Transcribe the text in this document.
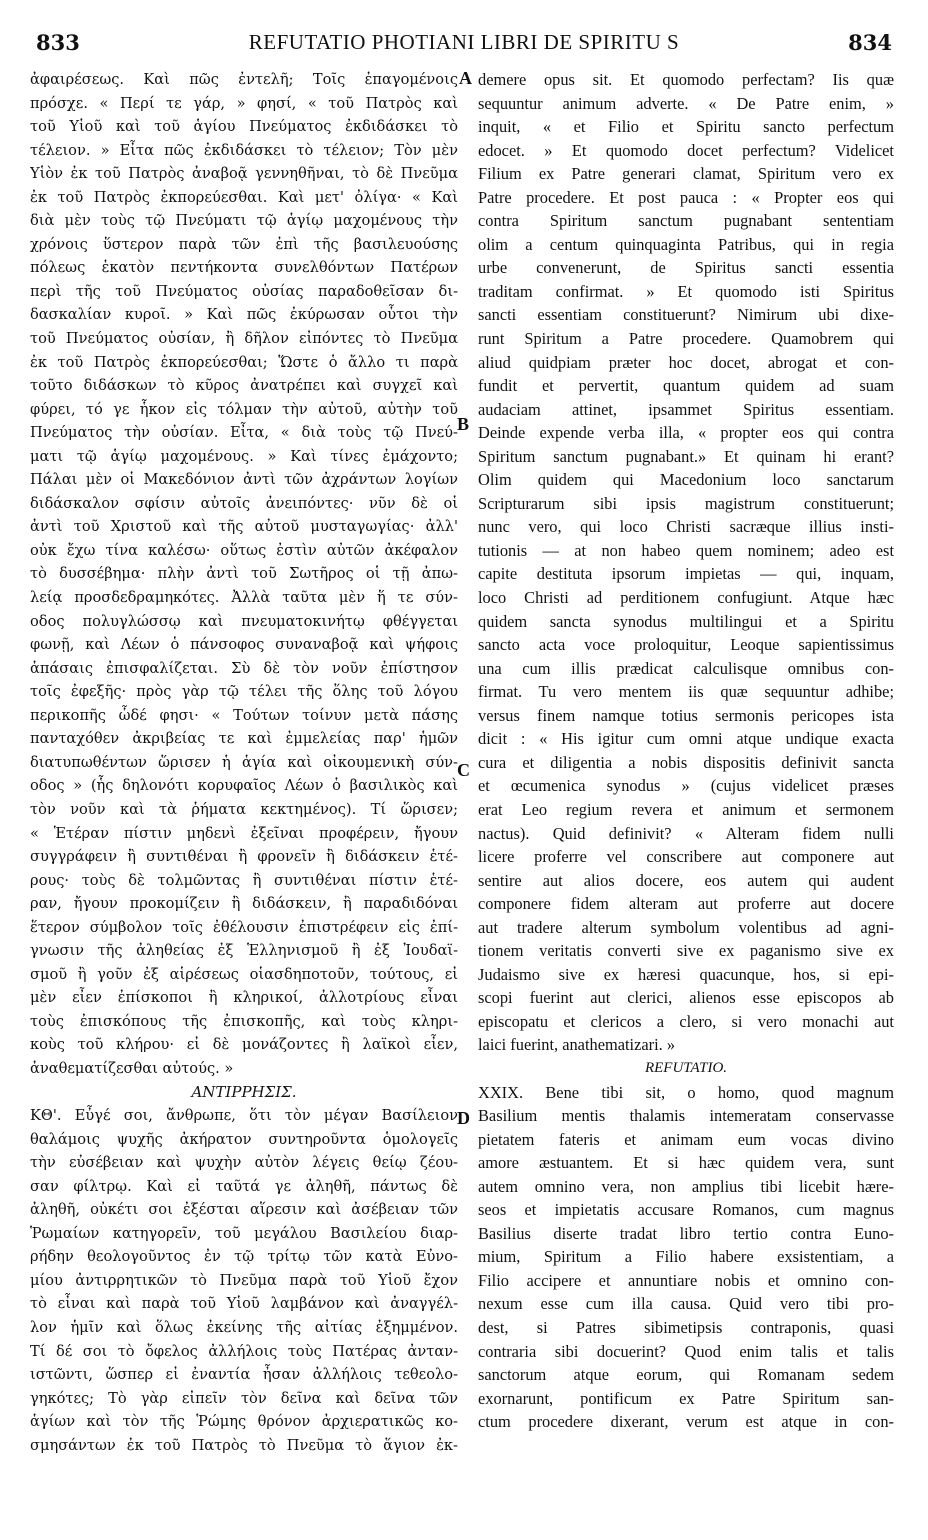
833	REFUTATIO PHOTIANI LIBRI DE SPIRITU S	834
ἀφαιρέσεως. Καὶ πῶς ἐντελῆ; Τοῖς ἐπαγομένοις
πρόσχε. « Περί τε γάρ, » φησί, « τοῦ Πατρὸς καὶ
τοῦ Υἱοῦ καὶ τοῦ ἁγίου Πνεύματος ἐκδιδάσκει τὸ
τέλειον. » Εἶτα πῶς ἐκδιδάσκει τὸ τέλειον; Τὸν μὲν
Υἱὸν ἐκ τοῦ Πατρὸς ἀναβοᾷ γεννηθῆναι, τὸ δὲ Πνεῦμα
ἐκ τοῦ Πατρὸς ἐκπορεύεσθαι. Καὶ μετ' ὀλίγα· « Καὶ
διὰ μὲν τοὺς τῷ Πνεύματι τῷ ἁγίῳ μαχομένους τὴν
χρόνοις ὕστερον παρὰ τῶν ἐπὶ τῆς βασιλευούσης
πόλεως ἑκατὸν πεντήκοντα συνελθόντων Πατέρων
περὶ τῆς τοῦ Πνεύματος οὐσίας παραδοθεῖσαν δι-
δασκαλίαν κυροῖ. » Καὶ πῶς ἐκύρωσαν οὗτοι τὴν
τοῦ Πνεύματος οὐσίαν, ἢ δῆλον εἰπόντες τὸ Πνεῦμα
ἐκ τοῦ Πατρὸς ἐκπορεύεσθαι; Ὥστε ὁ ἄλλο τι παρὰ
τοῦτο διδάσκων τὸ κῦρος ἀνατρέπει καὶ συγχεῖ καὶ
φύρει, τό γε ἧκον εἰς τόλμαν τὴν αὐτοῦ, αὐτὴν τοῦ
Πνεύματος τὴν οὐσίαν. Εἶτα, « διὰ τοὺς τῷ Πνεύ-
ματι τῷ ἁγίῳ μαχομένους. » Καὶ τίνες ἐμάχοντο;
Πάλαι μὲν οἱ Μακεδόνιον ἀντὶ τῶν ἀχράντων λογίων
διδάσκαλον σφίσιν αὐτοῖς ἀνειπόντες· νῦν δὲ οἱ
ἀντὶ τοῦ Χριστοῦ καὶ τῆς αὐτοῦ μυσταγωγίας· ἀλλ'
οὐκ ἔχω τίνα καλέσω· οὕτως ἐστὶν αὐτῶν ἀκέφαλον
τὸ δυσσέβημα· πλὴν ἀντὶ τοῦ Σωτῆρος οἱ τῇ ἀπω-
λείᾳ προσδεδραμηκότες. Ἀλλὰ ταῦτα μὲν ἥ τε σύν-
οδος πολυγλώσσῳ καὶ πνευματοκινήτῳ φθέγγεται
φωνῇ, καὶ Λέων ὁ πάνσοφος συναναβοᾷ καὶ ψήφοις
ἁπάσαις ἐπισφαλίζεται. Σὺ δὲ τὸν νοῦν ἐπίστησον
τοῖς ἐφεξῆς· πρὸς γὰρ τῷ τέλει τῆς ὅλης τοῦ λόγου
περικοπῆς ὧδέ φησι· « Τούτων τοίνυν μετὰ πάσης
πανταχόθεν ἀκριβείας τε καὶ ἐμμελείας παρ' ἡμῶν
διατυπωθέντων ὥρισεν ἡ ἁγία καὶ οἰκουμενικὴ σύν-
οδος » (ἧς δηλονότι κορυφαῖος Λέων ὁ βασιλικὸς καὶ
τὸν νοῦν καὶ τὰ ῥήματα κεκτημένος). Τί ὥρισεν;
« Ἑτέραν πίστιν μηδενὶ ἐξεῖναι προφέρειν, ἤγουν
συγγράφειν ἢ συντιθέναι ἢ φρονεῖν ἢ διδάσκειν ἑτέ-
ρους· τοὺς δὲ τολμῶντας ἢ συντιθέναι πίστιν ἑτέ-
ραν, ἤγουν προκομίζειν ἢ διδάσκειν, ἢ παραδιδόναι
ἕτερον σύμβολον τοῖς ἐθέλουσιν ἐπιστρέφειν εἰς ἐπί-
γνωσιν τῆς ἀληθείας ἐξ Ἑλληνισμοῦ ἢ ἐξ Ἰουδαϊ-
σμοῦ ἢ γοῦν ἐξ αἱρέσεως οἱασδηποτοῦν, τούτους, εἰ
μὲν εἶεν ἐπίσκοποι ἢ κληρικοί, ἀλλοτρίους εἶναι
τοὺς ἐπισκόπους τῆς ἐπισκοπῆς, καὶ τοὺς κληρι-
κοὺς τοῦ κλήρου· εἰ δὲ μονάζοντες ἢ λαϊκοὶ εἶεν,
ἀναθεματίζεσθαι αὐτούς. »
ΑΝΤΙΡΡΗΣΙΣ.
ΚΘ'. Εὖγέ σοι, ἄνθρωπε, ὅτι τὸν μέγαν Βασίλειον
θαλάμοις ψυχῆς ἀκήρατον συντηροῦντα ὁμολογεῖς
τὴν εὐσέβειαν καὶ ψυχὴν αὐτὸν λέγεις θείῳ ζέου-
σαν φίλτρῳ. Καὶ εἰ ταῦτά γε ἀληθῆ, πάντως δὲ
ἀληθῆ, οὐκέτι σοι ἐξέσται αἵρεσιν καὶ ἀσέβειαν τῶν
Ῥωμαίων κατηγορεῖν, τοῦ μεγάλου Βασιλείου διαρ-
ρήδην θεολογοῦντος ἐν τῷ τρίτῳ τῶν κατὰ Εὐνο-
μίου ἀντιρρητικῶν τὸ Πνεῦμα παρὰ τοῦ Υἱοῦ ἔχον
τὸ εἶναι καὶ παρὰ τοῦ Υἱοῦ λαμβάνον καὶ ἀναγγέλ-
λον ἡμῖν καὶ ὅλως ἐκείνης τῆς αἰτίας ἐξημμένον.
Τί δέ σοι τὸ ὄφελος ἀλλήλοις τοὺς Πατέρας ἀνταν-
ιστῶντι, ὥσπερ εἰ ἐναντία ἦσαν ἀλλήλοις τεθεολο-
γηκότες; Τὸ γὰρ εἰπεῖν τὸν δεῖνα καὶ δεῖνα τῶν
ἁγίων καὶ τὸν τῆς Ῥώμης θρόνον ἀρχιερατικῶς κο-
σμησάντων ἐκ τοῦ Πατρὸς τὸ Πνεῦμα τὸ ἅγιον ἐκ-
demere opus sit. Et quomodo perfectam? Iis quæ
sequuntur animum adverte. « De Patre enim, »
inquit, « et Filio et Spiritu sancto perfectum
edocet. » Et quomodo docet perfectum? Videlicet
Filium ex Patre generari clamat, Spiritum vero ex
Patre procedere. Et post pauca : « Propter eos qui
contra Spiritum sanctum pugnabant sententiam
olim a centum quinquaginta Patribus, qui in regia
urbe convenerunt, de Spiritus sancti essentia
traditam confirmat. » Et quomodo isti Spiritus
sancti essentiam constituerunt? Nimirum ubi dixe-
runt Spiritum a Patre procedere. Quamobrem qui
aliud quidpiam præter hoc docet, abrogat et con-
fundit et pervertit, quantum quidem ad suam
audaciam attinet, ipsammet Spiritus essentiam.
Deinde expende verba illa, « propter eos qui contra
Spiritum sanctum pugnabant.» Et quinam hi erant?
Olim quidem qui Macedonium loco sanctarum
Scripturarum sibi ipsis magistrum constituerunt;
nunc vero, qui loco Christi sacræque illius insti-
tutionis — at non habeo quem nominem; adeo est
capite destituta ipsorum impietas — qui, inquam,
loco Christi ad perditionem confugiunt. Atque hæc
quidem sancta synodus multilingui et a Spiritu
sancto acta voce proloquitur, Leoque sapientissimus
una cum illis prædicat calculisque omnibus con-
firmat. Tu vero mentem iis quæ sequuntur adhibe;
versus finem namque totius sermonis pericopes ista
dicit : « His igitur cum omni atque undique exacta
cura et diligentia a nobis dispositis definivit sancta
et œcumenica synodus » (cujus videlicet præses
erat Leo regium revera et animum et sermonem
nactus). Quid definivit? « Alteram fidem nulli
licere proferre vel conscribere aut componere aut
sentire aut alios docere, eos autem qui audent
componere fidem alteram aut proferre aut docere
aut tradere alterum symbolum volentibus ad agni-
tionem veritatis converti sive ex paganismo sive ex
Judaismo sive ex hæresi quacunque, hos, si epi-
scopi fuerint aut clerici, alienos esse episcopos ab
episcopatu et clericos a clero, si vero monachi aut
laici fuerint, anathematizari. »
REFUTATIO.
XXIX. Bene tibi sit, o homo, quod magnum
Basilium mentis thalamis intemeratam conservasse
pietatem fateris et animam eum vocas divino
amore æstuantem. Et si hæc quidem vera, sunt
autem omnino vera, non amplius tibi licebit hære-
seos et impietatis accusare Romanos, cum magnus
Basilius diserte tradat libro tertio contra Euno-
mium, Spiritum a Filio habere exsistentiam, a
Filio accipere et annuntiare nobis et omnino con-
nexum esse cum illa causa. Quid vero tibi pro-
dest, si Patres sibimetipsis contraponis, quasi
contraria sibi docuerint? Quod enim talis et talis
sanctorum atque eorum, qui Romanam sedem
exornarunt, pontificum ex Patre Spiritum san-
ctum procedere dixerant, verum est atque in con-
A
B
C
D
